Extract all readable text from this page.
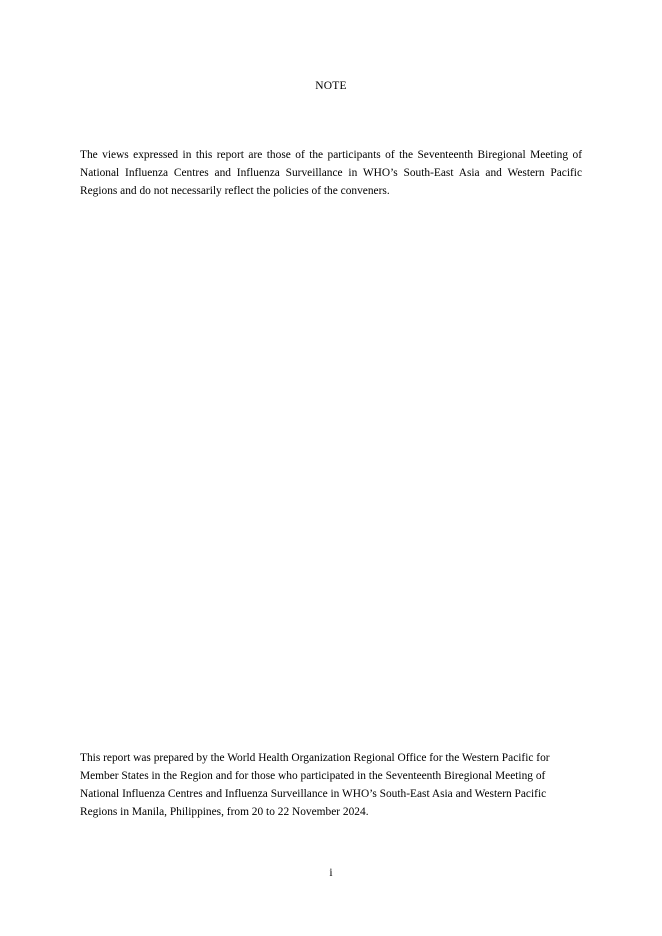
NOTE

The views expressed in this report are those of the participants of the Seventeenth Biregional Meeting of National Influenza Centres and Influenza Surveillance in WHO’s South-East Asia and Western Pacific Regions and do not necessarily reflect the policies of the conveners.

This report was prepared by the World Health Organization Regional Office for the Western Pacific for Member States in the Region and for those who participated in the Seventeenth Biregional Meeting of National Influenza Centres and Influenza Surveillance in WHO’s South-East Asia and Western Pacific Regions in Manila, Philippines, from 20 to 22 November 2024.

i
